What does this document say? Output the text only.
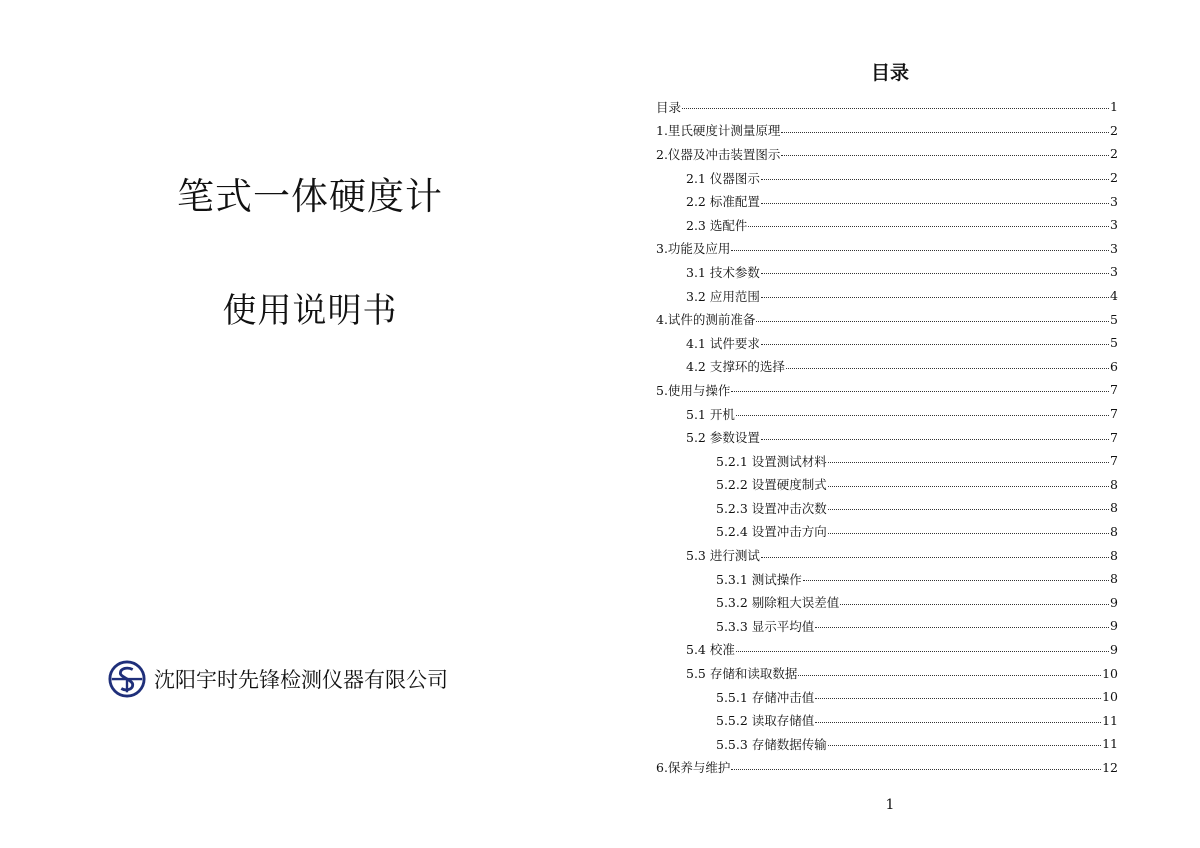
笔式一体硬度计
使用说明书
沈阳宇时先锋检测仪器有限公司
目录
目录	1
1.里氏硬度计测量原理	2
2.仪器及冲击装置图示	2
2.1 仪器图示	2
2.2 标准配置	3
2.3 选配件	3
3.功能及应用	3
3.1 技术参数	3
3.2 应用范围	4
4.试件的测前准备	5
4.1 试件要求	5
4.2 支撑环的选择	6
5.使用与操作	7
5.1 开机	7
5.2 参数设置	7
5.2.1 设置测试材料	7
5.2.2 设置硬度制式	8
5.2.3 设置冲击次数	8
5.2.4 设置冲击方向	8
5.3 进行测试	8
5.3.1 测试操作	8
5.3.2 剔除粗大误差值	9
5.3.3 显示平均值	9
5.4 校准	9
5.5 存储和读取数据	10
5.5.1 存储冲击值	10
5.5.2 读取存储值	11
5.5.3 存储数据传输	11
6.保养与维护	12
1
